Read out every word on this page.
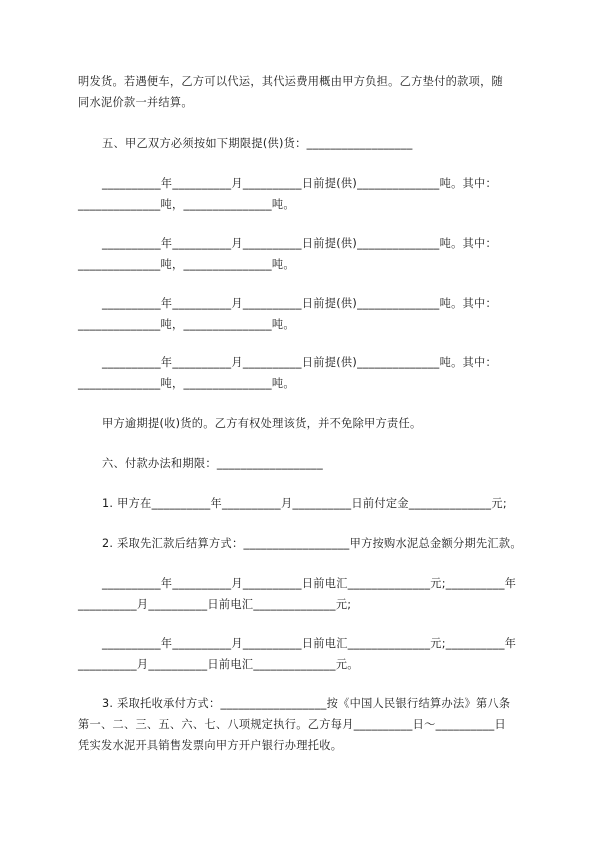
明发货。若遇便车，乙方可以代运，其代运费用概由甲方负担。乙方垫付的款项，随
同水泥价款一并结算。
五、甲乙双方必须按如下期限提(供)货：__________________
__________年__________月__________日前提(供)______________吨。其中：
______________吨，_______________吨。
__________年__________月__________日前提(供)______________吨。其中：
______________吨，_______________吨。
__________年__________月__________日前提(供)______________吨。其中：
______________吨，_______________吨。
__________年__________月__________日前提(供)______________吨。其中：
______________吨，_______________吨。
甲方逾期提(收)货的。乙方有权处理该货，并不免除甲方责任。
六、付款办法和期限：__________________
1. 甲方在__________年__________月__________日前付定金______________元;
2. 采取先汇款后结算方式：__________________甲方按购水泥总金额分期先汇款。
__________年__________月__________日前电汇______________元;__________年
__________月__________日前电汇______________元;
__________年__________月__________日前电汇______________元;__________年
__________月__________日前电汇______________元。
3. 采取托收承付方式：__________________按《中国人民银行结算办法》第八条
第一、二、三、五、六、七、八项规定执行。乙方每月__________日～__________日
凭实发水泥开具销售发票向甲方开户银行办理托收。
